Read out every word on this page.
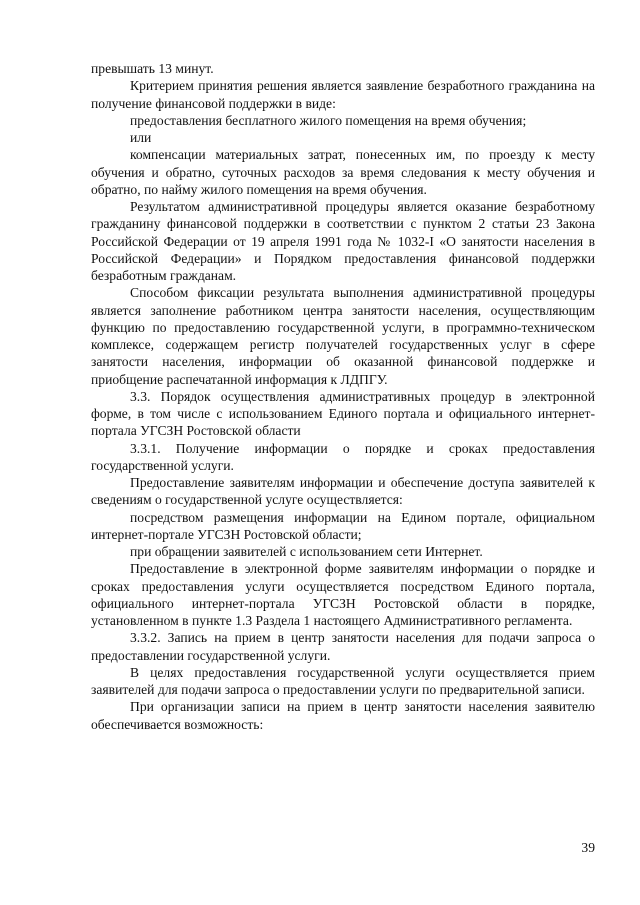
превышать 13 минут.

Критерием принятия решения является заявление безработного гражданина на получение финансовой поддержки в виде:

предоставления бесплатного жилого помещения на время обучения;

или

компенсации материальных затрат, понесенных им, по проезду к месту обучения и обратно, суточных расходов за время следования к месту обучения и обратно, по найму жилого помещения на время обучения.

Результатом административной процедуры является оказание безработному гражданину финансовой поддержки в соответствии с пунктом 2 статьи 23 Закона Российской Федерации от 19 апреля 1991 года № 1032-I «О занятости населения в Российской Федерации» и Порядком предоставления финансовой поддержки безработным гражданам.

Способом фиксации результата выполнения административной процедуры является заполнение работником центра занятости населения, осуществляющим функцию по предоставлению государственной услуги, в программно-техническом комплексе, содержащем регистр получателей государственных услуг в сфере занятости населения, информации об оказанной финансовой поддержке и приобщение распечатанной информация к ЛДПГУ.

3.3. Порядок осуществления административных процедур в электронной форме, в том числе с использованием Единого портала и официального интернет-портала УГСЗН Ростовской области

3.3.1. Получение информации о порядке и сроках предоставления государственной услуги.

Предоставление заявителям информации и обеспечение доступа заявителей к сведениям о государственной услуге осуществляется:

посредством размещения информации на Едином портале, официальном интернет-портале УГСЗН Ростовской области;

при обращении заявителей с использованием сети Интернет.

Предоставление в электронной форме заявителям информации о порядке и сроках предоставления услуги осуществляется посредством Единого портала, официального интернет-портала УГСЗН Ростовской области в порядке, установленном в пункте 1.3 Раздела 1 настоящего Административного регламента.

3.3.2. Запись на прием в центр занятости населения для подачи запроса о предоставлении государственной услуги.

В целях предоставления государственной услуги осуществляется прием заявителей для подачи запроса о предоставлении услуги по предварительной записи.

При организации записи на прием в центр занятости населения заявителю обеспечивается возможность:

39
